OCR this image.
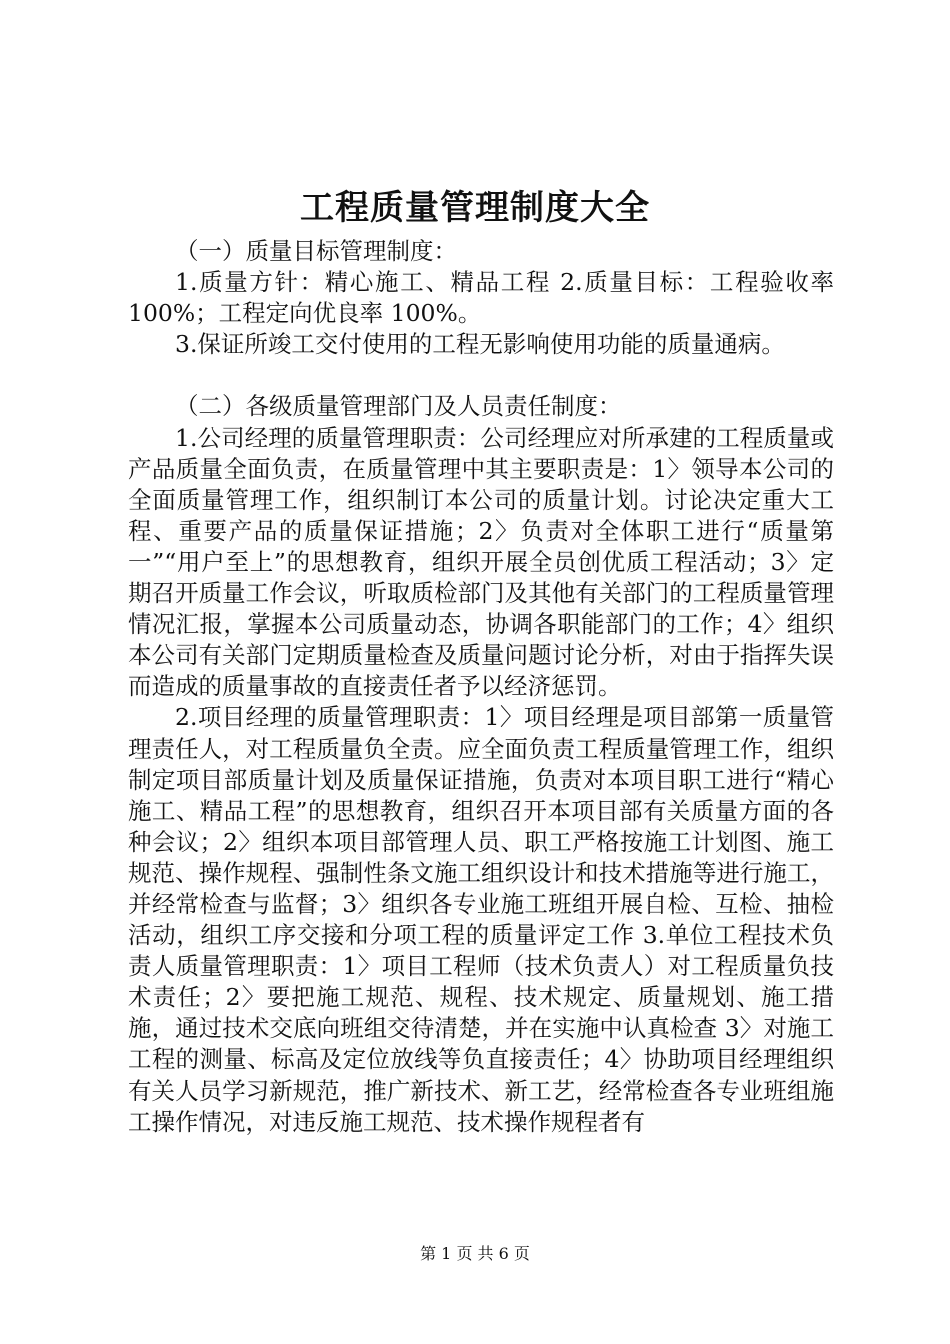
工程质量管理制度大全

（一）质量目标管理制度：

1.质量方针：精心施工、精品工程 2.质量目标：工程验收率 100%；工程定向优良率 100%。

3.保证所竣工交付使用的工程无影响使用功能的质量通病。

（二）各级质量管理部门及人员责任制度：

1.公司经理的质量管理职责：公司经理应对所承建的工程质量或产品质量全面负责，在质量管理中其主要职责是：1〉领导本公司的全面质量管理工作，组织制订本公司的质量计划。讨论决定重大工程、重要产品的质量保证措施；2〉负责对全体职工进行“质量第一”“用户至上”的思想教育，组织开展全员创优质工程活动；3〉定期召开质量工作会议，听取质检部门及其他有关部门的工程质量管理情况汇报，掌握本公司质量动态，协调各职能部门的工作；4〉组织本公司有关部门定期质量检查及质量问题讨论分析，对由于指挥失误而造成的质量事故的直接责任者予以经济惩罚。

2.项目经理的质量管理职责：1〉项目经理是项目部第一质量管理责任人，对工程质量负全责。应全面负责工程质量管理工作，组织制定项目部质量计划及质量保证措施，负责对本项目职工进行“精心施工、精品工程”的思想教育，组织召开本项目部有关质量方面的各种会议；2〉组织本项目部管理人员、职工严格按施工计划图、施工规范、操作规程、强制性条文施工组织设计和技术措施等进行施工，并经常检查与监督；3〉组织各专业施工班组开展自检、互检、抽检活动，组织工序交接和分项工程的质量评定工作 3.单位工程技术负责人质量管理职责：1〉项目工程师（技术负责人）对工程质量负技术责任；2〉要把施工规范、规程、技术规定、质量规划、施工措施，通过技术交底向班组交待清楚，并在实施中认真检查 3〉对施工工程的测量、标高及定位放线等负直接责任；4〉协助项目经理组织有关人员学习新规范，推广新技术、新工艺，经常检查各专业班组施工操作情况，对违反施工规范、技术操作规程者有

第 1 页 共 6 页
